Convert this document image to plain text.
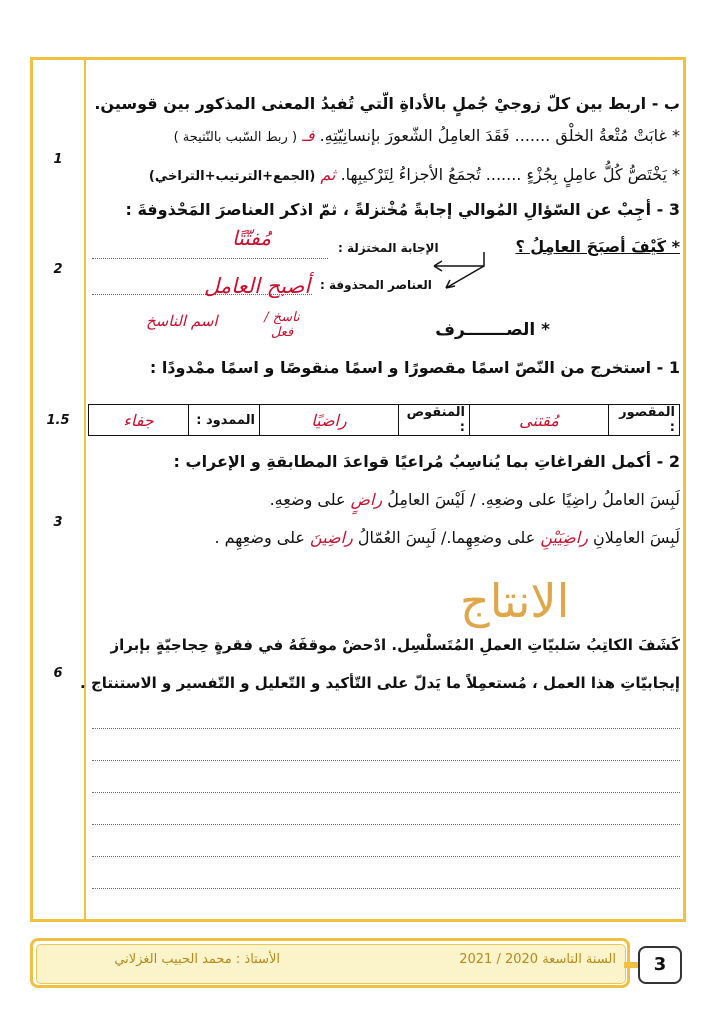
1
2
1.5
3
6
ب - اربط بين كلّ زوجيْ جُملٍ بالأداةِ الّتي تُفيدُ المعنى المذكور بين قوسين.
* غابَتْ مُتْعةُ الخلْق ....... فَقَدَ العامِلُ الشّعورَ بإنسانِيّتِهِ. فـ ( ربط السّبب بالنّتيجة )
* يَخْتَصُّ كُلُّ عامِلٍ بِجُزْءٍ ....... تُجمَعُ الأجزاءُ لِتَرْكيبِها. ثم (الجمع+الترتيب+التراخي)
3 - أجِبْ عن السّؤالِ المُوالي إجابةً مُخْتزلةً ، ثمّ اذكر العناصرَ المَحْذوفةَ :
* كَيْفَ أصبَحَ العامِلُ ؟
الإجابة المختزلة :
العناصر المحذوفة :
مُفتّتًا
أصبح العامل
ناسخ / فعل
اسم الناسخ	* الصـــــــرف
1 - استخرج من النّصّ اسمًا مقصورًا و اسمًا منقوصًا و اسمًا ممْدودًا :
المقصور :	مُقتنى	المنقوص :	راضيًا	الممدود :	جفاء
2 - أكمل الفراغاتِ بما يُناسِبُ مُراعيًا قواعدَ المطابقةِ و الإعراب :
لَبِسَ العاملُ راضِيًا على وضعِهِ. / لَيْسَ العامِلُ راضٍ على وضعِهِ.
لَبِسَ العامِلانِ راضِيَيْنِ على وضعِهِما./ لَبِسَ العُمّالُ راضِينَ على وضعِهِم .
الانتاج
كَشَفَ الكاتِبُ سَلبيّاتِ العملِ المُتَسلْسِل. ادْحضْ موقفَهُ في فقرةٍ حِجاجيّةٍ بإبراز
إيجابيّاتِ هذا العمل ، مُستعمِلاً ما يَدلّ على التّأكيد و التّعليل و التّفسير و الاستنتاج .
الأستاذ : محمد الحبيب الغزلاني	السنة التاسعة 2020 / 2021	3
